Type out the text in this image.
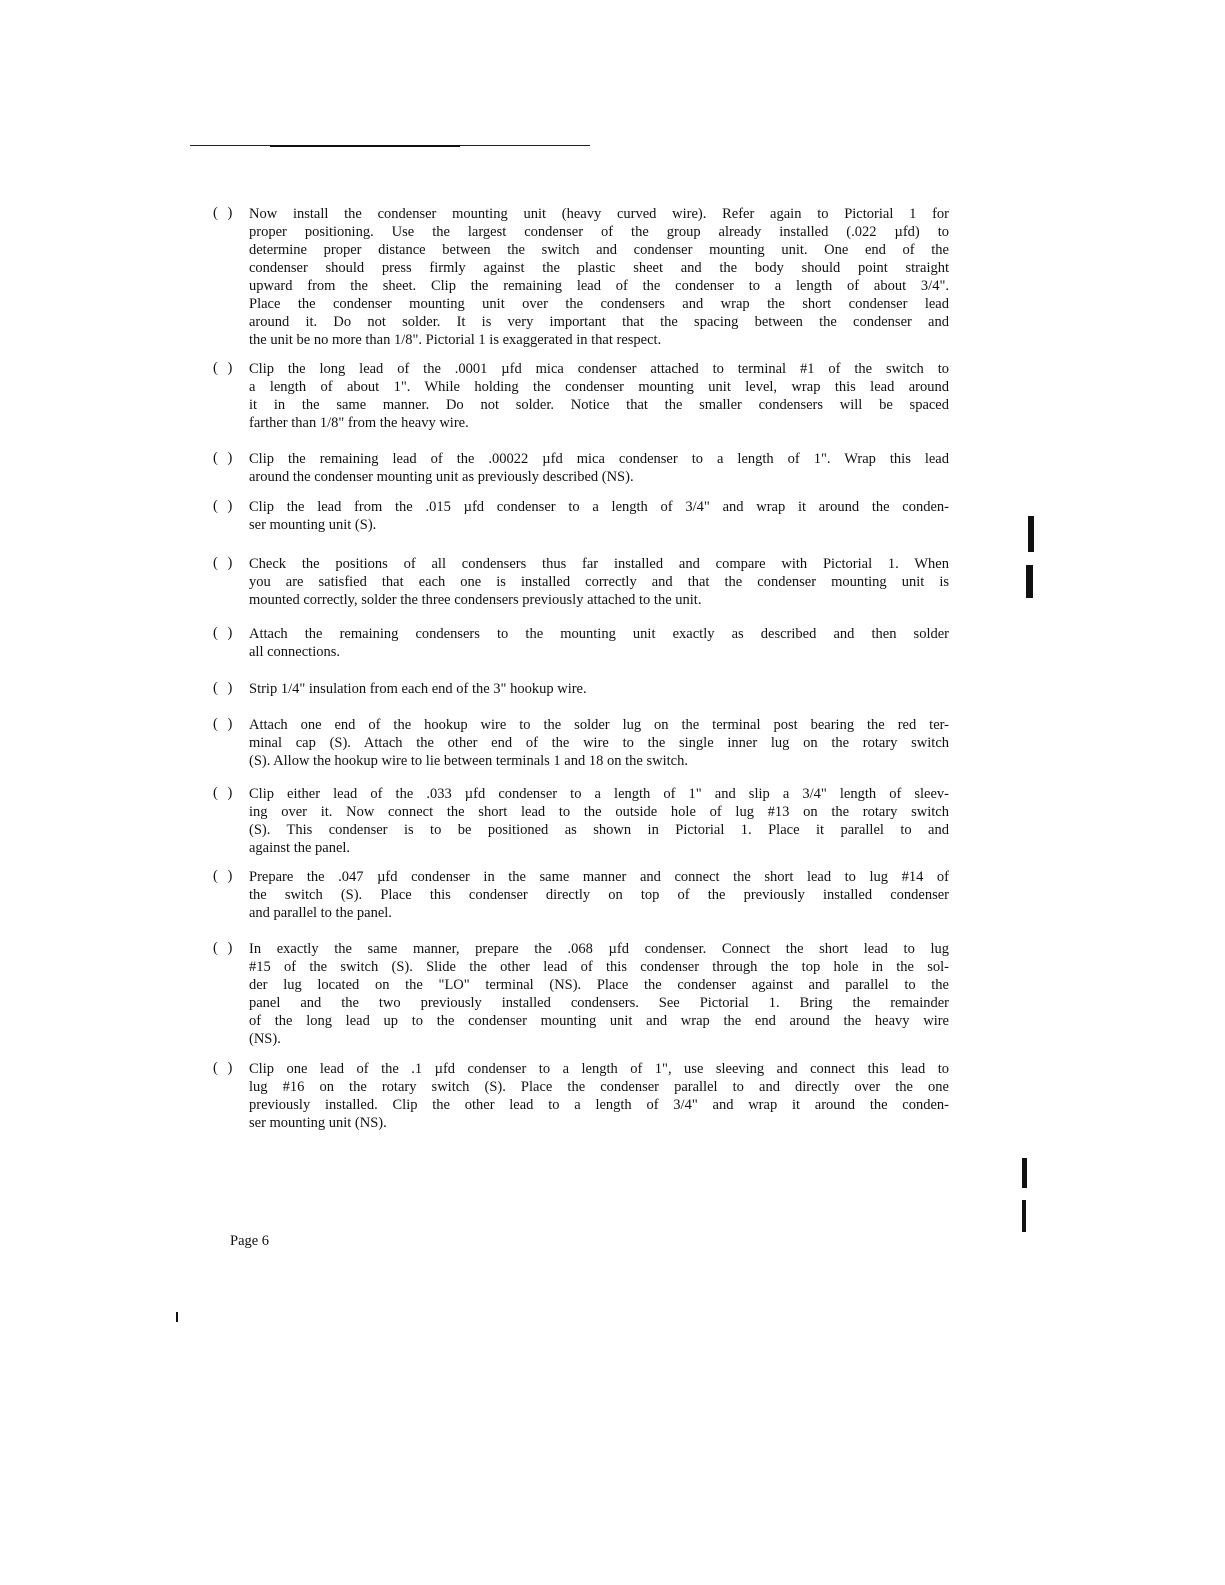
( ) Now install the condenser mounting unit (heavy curved wire). Refer again to Pictorial 1 for
proper positioning. Use the largest condenser of the group already installed (.022 µfd) to
determine proper distance between the switch and condenser mounting unit. One end of the
condenser should press firmly against the plastic sheet and the body should point straight
upward from the sheet. Clip the remaining lead of the condenser to a length of about 3/4".
Place the condenser mounting unit over the condensers and wrap the short condenser lead
around it. Do not solder. It is very important that the spacing between the condenser and
the unit be no more than 1/8". Pictorial 1 is exaggerated in that respect.
( ) Clip the long lead of the .0001 µfd mica condenser attached to terminal #1 of the switch to
a length of about 1". While holding the condenser mounting unit level, wrap this lead around
it in the same manner. Do not solder. Notice that the smaller condensers will be spaced
farther than 1/8" from the heavy wire.
( ) Clip the remaining lead of the .00022 µfd mica condenser to a length of 1". Wrap this lead
around the condenser mounting unit as previously described (NS).
( ) Clip the lead from the .015 µfd condenser to a length of 3/4" and wrap it around the conden-
ser mounting unit (S).
( ) Check the positions of all condensers thus far installed and compare with Pictorial 1. When
you are satisfied that each one is installed correctly and that the condenser mounting unit is
mounted correctly, solder the three condensers previously attached to the unit.
( ) Attach the remaining condensers to the mounting unit exactly as described and then solder
all connections.
( ) Strip 1/4" insulation from each end of the 3" hookup wire.
( ) Attach one end of the hookup wire to the solder lug on the terminal post bearing the red ter-
minal cap (S). Attach the other end of the wire to the single inner lug on the rotary switch
(S). Allow the hookup wire to lie between terminals 1 and 18 on the switch.
( ) Clip either lead of the .033 µfd condenser to a length of 1" and slip a 3/4" length of sleev-
ing over it. Now connect the short lead to the outside hole of lug #13 on the rotary switch
(S). This condenser is to be positioned as shown in Pictorial 1. Place it parallel to and
against the panel.
( ) Prepare the .047 µfd condenser in the same manner and connect the short lead to lug #14 of
the switch (S). Place this condenser directly on top of the previously installed condenser
and parallel to the panel.
( ) In exactly the same manner, prepare the .068 µfd condenser. Connect the short lead to lug
#15 of the switch (S). Slide the other lead of this condenser through the top hole in the sol-
der lug located on the "LO" terminal (NS). Place the condenser against and parallel to the
panel and the two previously installed condensers. See Pictorial 1. Bring the remainder
of the long lead up to the condenser mounting unit and wrap the end around the heavy wire
(NS).
( ) Clip one lead of the .1 µfd condenser to a length of 1", use sleeving and connect this lead to
lug #16 on the rotary switch (S). Place the condenser parallel to and directly over the one
previously installed. Clip the other lead to a length of 3/4" and wrap it around the conden-
ser mounting unit (NS).
Page 6
